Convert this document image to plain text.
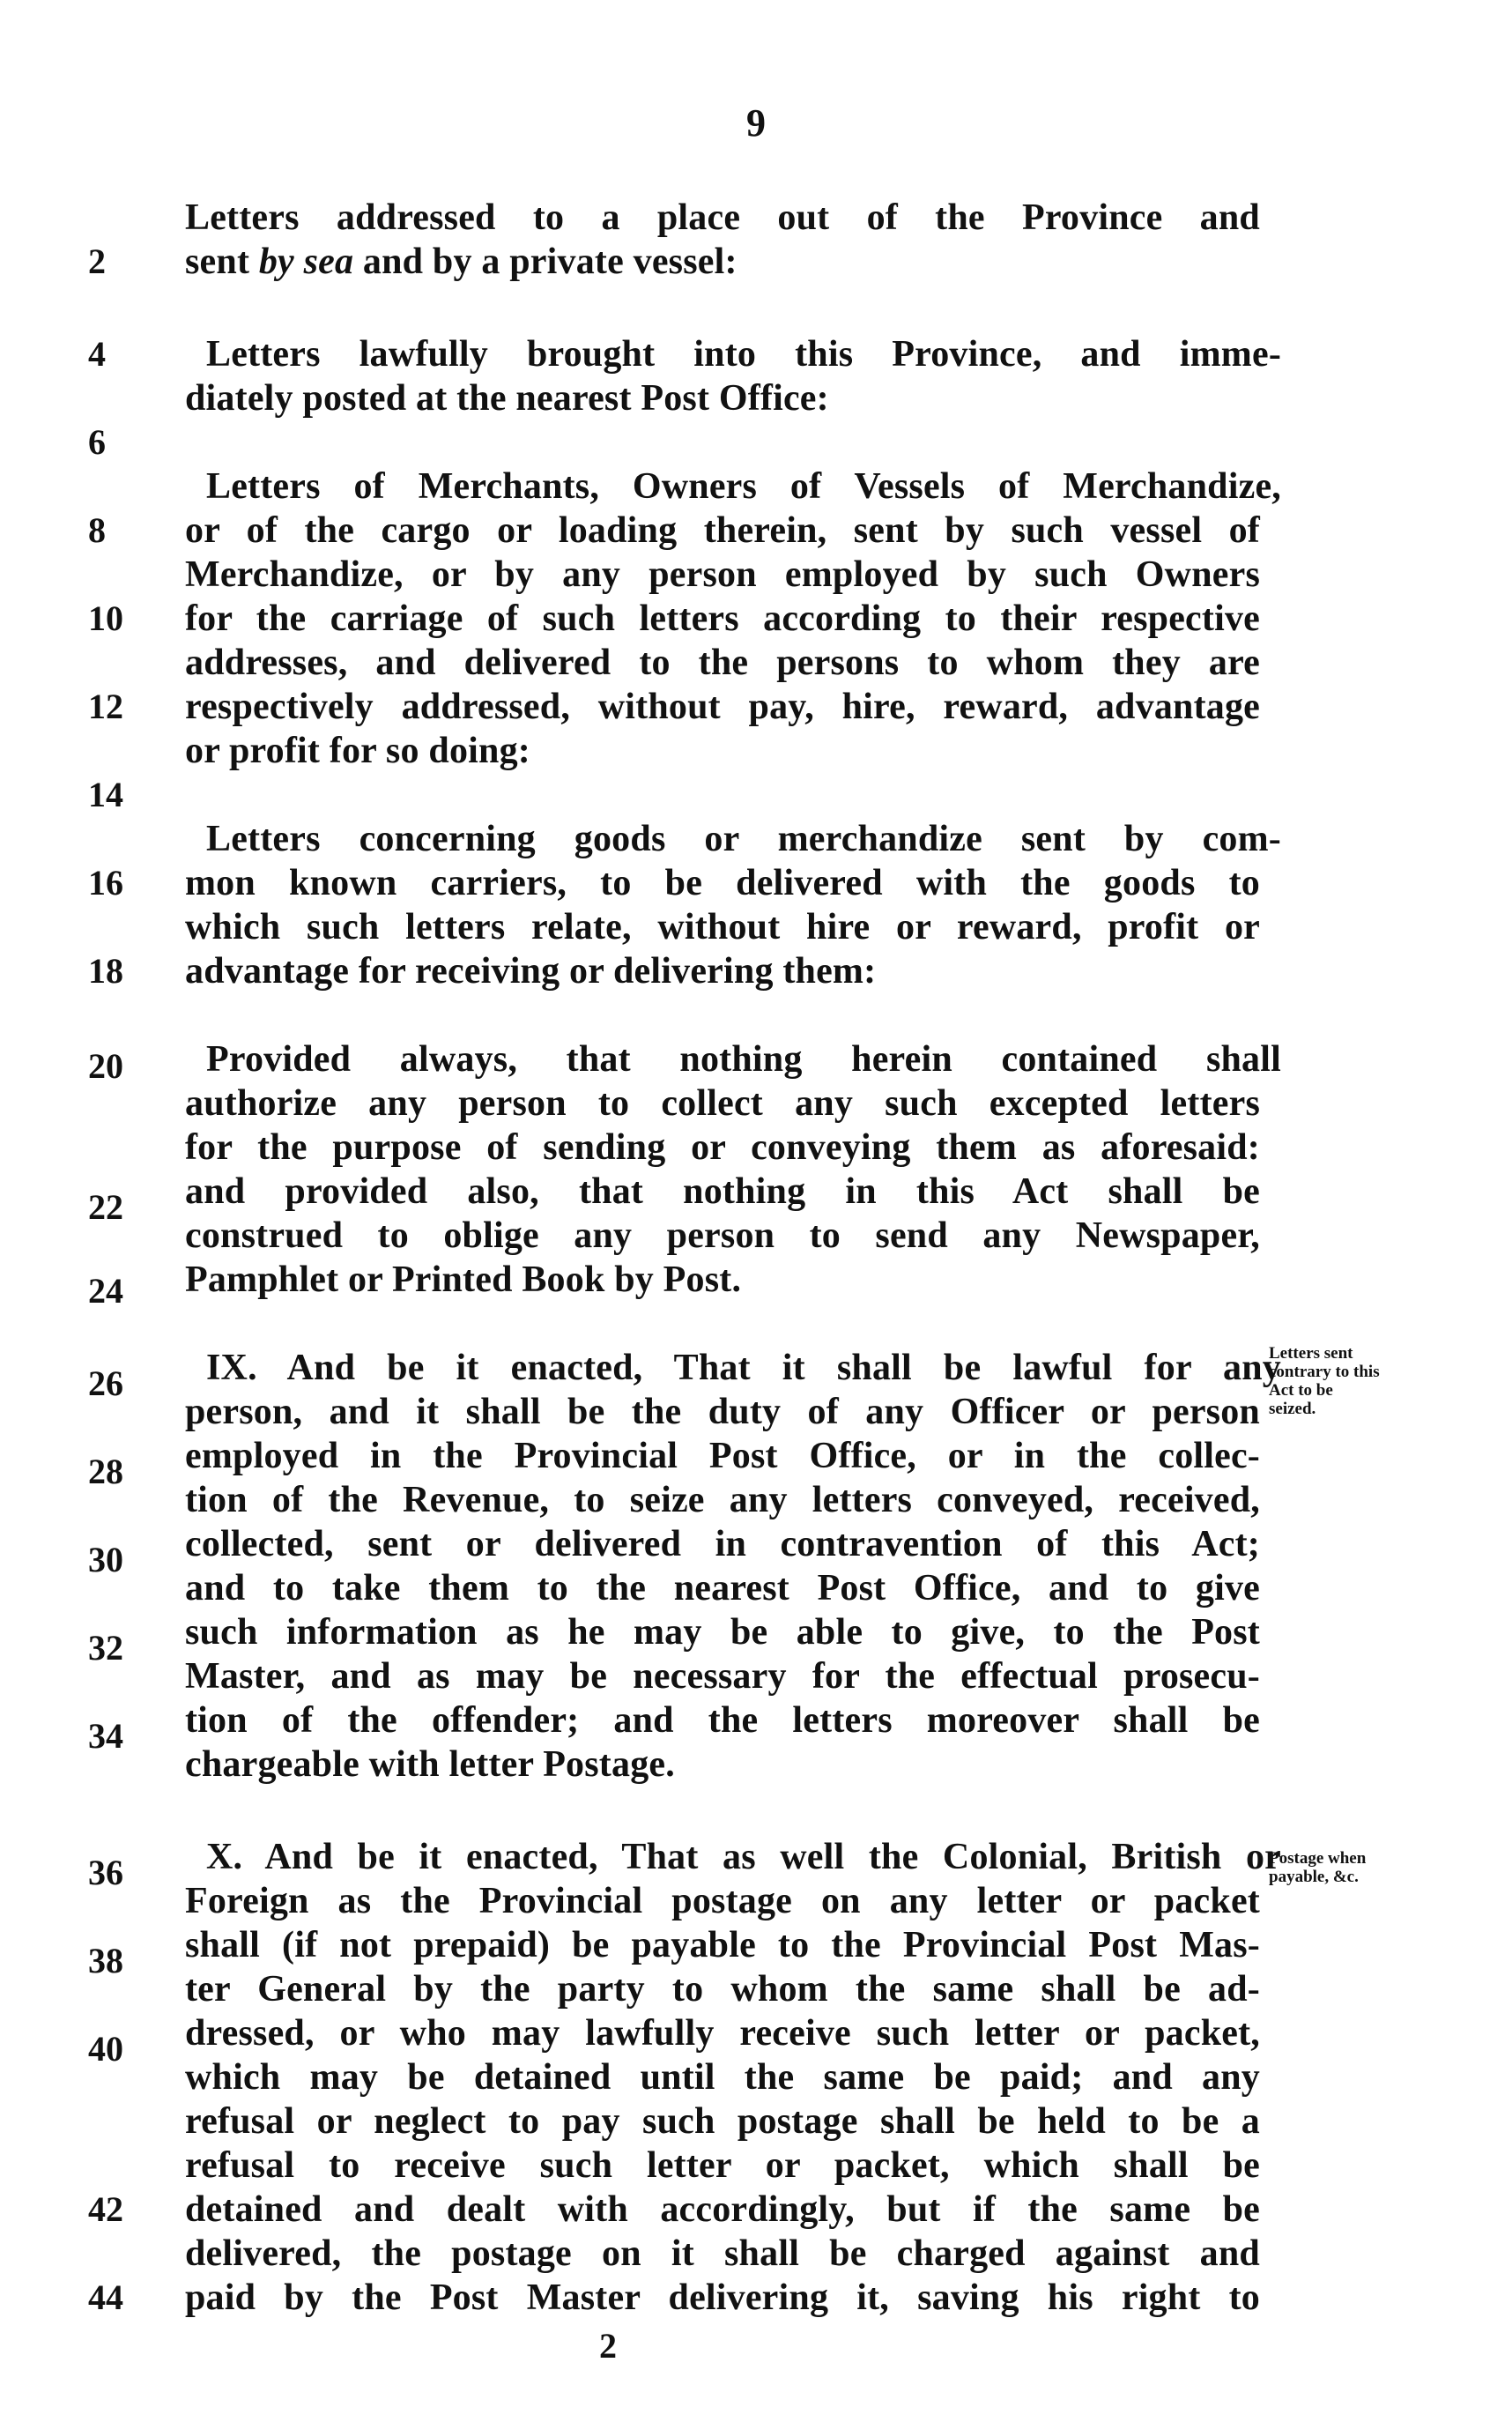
9
Letters addressed to a place out of the Province and
sent by sea and by a private vessel:
Letters lawfully brought into this Province, and imme-
diately posted at the nearest Post Office:
Letters of Merchants, Owners of Vessels of Merchandize,
or of the cargo or loading therein, sent by such vessel of
Merchandize, or by any person employed by such Owners
for the carriage of such letters according to their respective
addresses, and delivered to the persons to whom they are
respectively addressed, without pay, hire, reward, advantage
or profit for so doing:
Letters concerning goods or merchandize sent by com-
mon known carriers, to be delivered with the goods to
which such letters relate, without hire or reward, profit or
advantage for receiving or delivering them:
Provided always, that nothing herein contained shall
authorize any person to collect any such excepted letters
for the purpose of sending or conveying them as aforesaid:
and provided also, that nothing in this Act shall be
construed to oblige any person to send any Newspaper,
Pamphlet or Printed Book by Post.
IX. And be it enacted, That it shall be lawful for any
person, and it shall be the duty of any Officer or person
employed in the Provincial Post Office, or in the collec-
tion of the Revenue, to seize any letters conveyed, received,
collected, sent or delivered in contravention of this Act;
and to take them to the nearest Post Office, and to give
such information as he may be able to give, to the Post
Master, and as may be necessary for the effectual prosecu-
tion of the offender; and the letters moreover shall be
chargeable with letter Postage.
X. And be it enacted, That as well the Colonial, British or
Foreign as the Provincial postage on any letter or packet
shall (if not prepaid) be payable to the Provincial Post Mas-
ter General by the party to whom the same shall be ad-
dressed, or who may lawfully receive such letter or packet,
which may be detained until the same be paid; and any
refusal or neglect to pay such postage shall be held to be a
refusal to receive such letter or packet, which shall be
detained and dealt with accordingly, but if the same be
delivered, the postage on it shall be charged against and
paid by the Post Master delivering it, saving his right to
2
4
6
8
10
12
14
16
18
20
22
24
26
28
30
32
34
36
38
40
42
44
Letters sent
contrary to this
Act to be
seized.
Postage when
payable, &c.
2
